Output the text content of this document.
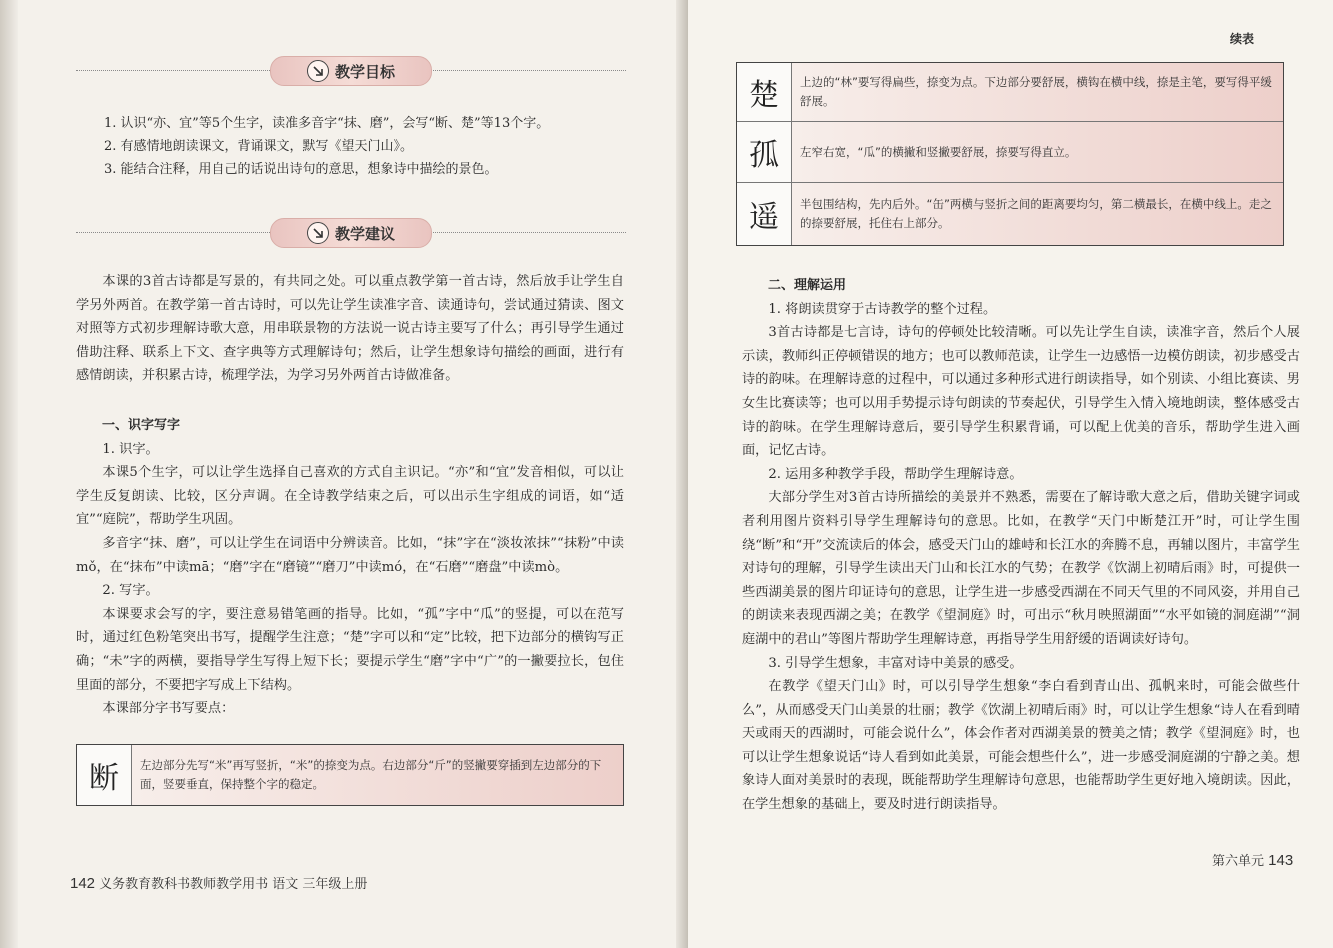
教学目标

1. 认识“亦、宜”等5个生字，读准多音字“抹、磨”，会写“断、楚”等13个字。

2. 有感情地朗读课文，背诵课文，默写《望天门山》。

3. 能结合注释，用自己的话说出诗句的意思，想象诗中描绘的景色。

教学建议

本课的3首古诗都是写景的，有共同之处。可以重点教学第一首古诗，然后放手让学生自学另外两首。在教学第一首古诗时，可以先让学生读准字音、读通诗句，尝试通过猜读、图文对照等方式初步理解诗歌大意，用串联景物的方法说一说古诗主要写了什么；再引导学生通过借助注释、联系上下文、查字典等方式理解诗句；然后，让学生想象诗句描绘的画面，进行有感情朗读，并积累古诗，梳理学法，为学习另外两首古诗做准备。

一、识字写字

1. 识字。

本课5个生字，可以让学生选择自己喜欢的方式自主识记。“亦”和“宜”发音相似，可以让学生反复朗读、比较，区分声调。在全诗教学结束之后，可以出示生字组成的词语，如“适宜”“庭院”，帮助学生巩固。

多音字“抹、磨”，可以让学生在词语中分辨读音。比如，“抹”字在“淡妆浓抹”“抹粉”中读mǒ，在“抹布”中读mā；“磨”字在“磨镜”“磨刀”中读mó，在“石磨”“磨盘”中读mò。

2. 写字。

本课要求会写的字，要注意易错笔画的指导。比如，“孤”字中“瓜”的竖提，可以在范写时，通过红色粉笔突出书写，提醒学生注意；“楚”字可以和“定”比较，把下边部分的横钩写正确；“未”字的两横，要指导学生写得上短下长；要提示学生“磨”字中“广”的一撇要拉长，包住里面的部分，不要把字写成上下结构。

本课部分字书写要点：

断	左边部分先写“米”再写竖折，“米”的捺变为点。右边部分“斤”的竖撇要穿插到左边部分的下面，竖要垂直，保持整个字的稳定。
142 义务教育教科书教师教学用书 语文 三年级上册
续表
楚	上边的“林”要写得扁些，捺变为点。下边部分要舒展，横钩在横中线，捺是主笔，要写得平缓舒展。
孤	左窄右宽，“瓜”的横撇和竖撇要舒展，捺要写得直立。
遥	半包围结构，先内后外。“缶”两横与竖折之间的距离要均匀，第二横最长，在横中线上。走之的捺要舒展，托住右上部分。

二、理解运用

1. 将朗读贯穿于古诗教学的整个过程。

3首古诗都是七言诗，诗句的停顿处比较清晰。可以先让学生自读，读准字音，然后个人展示读，教师纠正停顿错误的地方；也可以教师范读，让学生一边感悟一边模仿朗读，初步感受古诗的韵味。在理解诗意的过程中，可以通过多种形式进行朗读指导，如个别读、小组比赛读、男女生比赛读等；也可以用手势提示诗句朗读的节奏起伏，引导学生入情入境地朗读，整体感受古诗的韵味。在学生理解诗意后，要引导学生积累背诵，可以配上优美的音乐，帮助学生进入画面，记忆古诗。

2. 运用多种教学手段，帮助学生理解诗意。

大部分学生对3首古诗所描绘的美景并不熟悉，需要在了解诗歌大意之后，借助关键字词或者利用图片资料引导学生理解诗句的意思。比如，在教学“天门中断楚江开”时，可让学生围绕“断”和“开”交流读后的体会，感受天门山的雄峙和长江水的奔腾不息，再辅以图片，丰富学生对诗句的理解，引导学生读出天门山和长江水的气势；在教学《饮湖上初晴后雨》时，可提供一些西湖美景的图片印证诗句的意思，让学生进一步感受西湖在不同天气里的不同风姿，并用自己的朗读来表现西湖之美；在教学《望洞庭》时，可出示“秋月映照湖面”“水平如镜的洞庭湖”“洞庭湖中的君山”等图片帮助学生理解诗意，再指导学生用舒缓的语调读好诗句。

3. 引导学生想象，丰富对诗中美景的感受。

在教学《望天门山》时，可以引导学生想象“李白看到青山出、孤帆来时，可能会做些什么”，从而感受天门山美景的壮丽；教学《饮湖上初晴后雨》时，可以让学生想象“诗人在看到晴天或雨天的西湖时，可能会说什么”，体会作者对西湖美景的赞美之情；教学《望洞庭》时，也可以让学生想象说话“诗人看到如此美景，可能会想些什么”，进一步感受洞庭湖的宁静之美。想象诗人面对美景时的表现，既能帮助学生理解诗句意思，也能帮助学生更好地入境朗读。因此，在学生想象的基础上，要及时进行朗读指导。

第六单元 143
